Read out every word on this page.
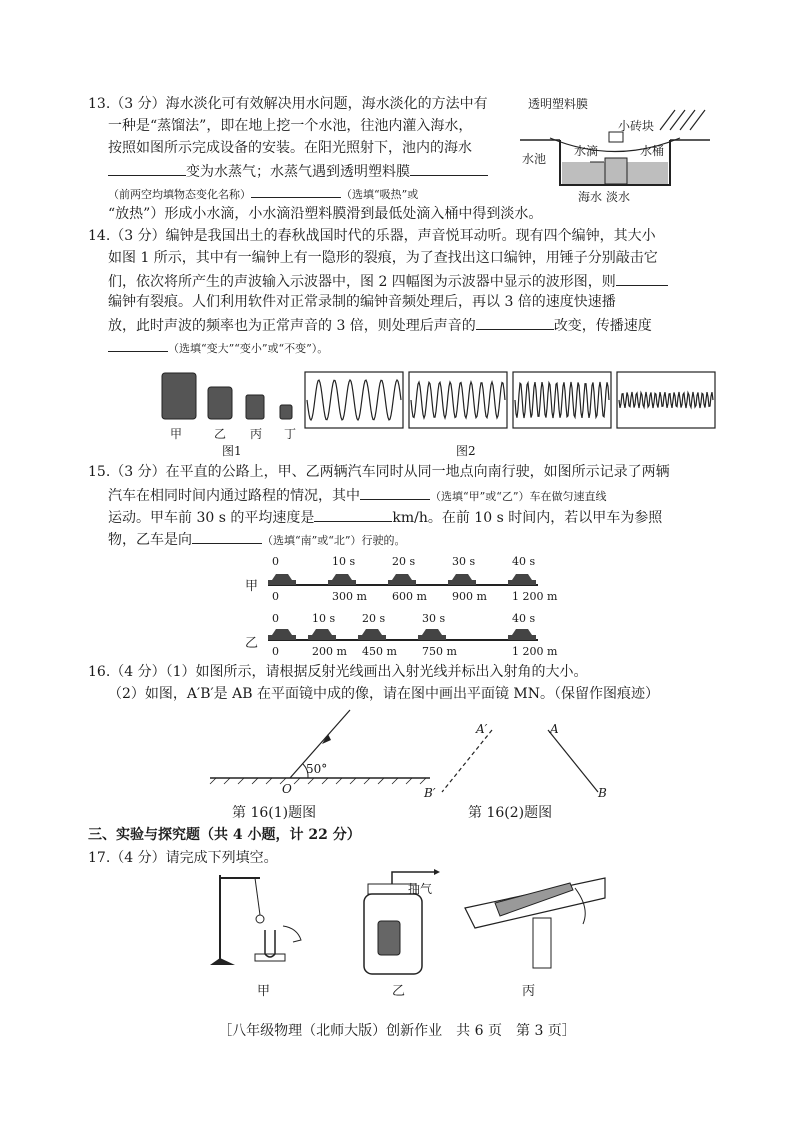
13.（3 分）海水淡化可有效解决用水问题，海水淡化的方法中有
一种是“蒸馏法”，即在地上挖一个水池，往池内灌入海水，
按照如图所示完成设备的安装。在阳光照射下，池内的海水
变为水蒸气；水蒸气遇到透明塑料膜
（前两空均填物态变化名称）	（选填“吸热”或
“放热”）形成小水滴，小水滴沿塑料膜滑到最低处滴入桶中得到淡水。
透明塑料膜
小砖块
水池
水滴	水桶
海水 淡水
14.（3 分）编钟是我国出土的春秋战国时代的乐器，声音悦耳动听。现有四个编钟，其大小
如图 1 所示，其中有一编钟上有一隐形的裂痕，为了查找出这口编钟，用锤子分别敲击它
们，依次将所产生的声波输入示波器中，图 2 四幅图为示波器中显示的波形图，则
编钟有裂痕。人们利用软件对正常录制的编钟音频处理后，再以 3 倍的速度快速播
放，此时声波的频率也为正常声音的 3 倍，则处理后声音的	改变，传播速度
（选填“变大”“变小”或“不变”）。
甲	乙 丙 丁
图1	图2
15.（3 分）在平直的公路上，甲、乙两辆汽车同时从同一地点向南行驶，如图所示记录了两辆
汽车在相同时间内通过路程的情况，其中	（选填“甲”或“乙”）车在做匀速直线
运动。甲车前 30 s 的平均速度是	km/h。在前 10 s 时间内，若以甲车为参照
物，乙车是向	（选填“南”或“北”）行驶的。
甲
乙
16.（4 分）（1）如图所示，请根据反射光线画出入射光线并标出入射角的大小。
（2）如图，A′B′是 AB 在平面镜中成的像，请在图中画出平面镜 MN。（保留作图痕迹）
50°
O
第 16(1)题图
A′	A
B′	B
第 16(2)题图
三、实验与探究题（共 4 小题，计 22 分）
17.（4 分）请完成下列填空。
抽气
甲	乙	丙
［八年级物理（北师大版）创新作业　共 6 页　第 3 页］
0	10 s	20 s	30 s	40 s
0	300 m 600 m 900 m 1 200 m
0	10 s 20 s	30 s	40 s
0	200 m 450 m 750 m	1 200 m
